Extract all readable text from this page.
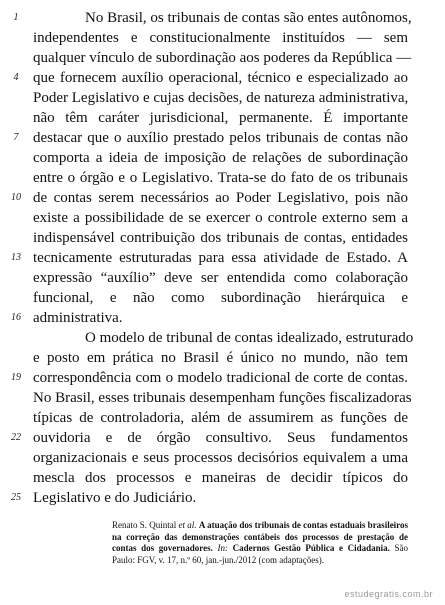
No Brasil, os tribunais de contas são entes autônomos,
independentes e constitucionalmente instituídos — sem
qualquer vínculo de subordinação aos poderes da República —
que fornecem auxílio operacional, técnico e especializado ao
Poder Legislativo e cujas decisões, de natureza administrativa,
não têm caráter jurisdicional, permanente. É importante
destacar que o auxílio prestado pelos tribunais de contas não
comporta a ideia de imposição de relações de subordinação
entre o órgão e o Legislativo. Trata-se do fato de os tribunais
de contas serem necessários ao Poder Legislativo, pois não
existe a possibilidade de se exercer o controle externo sem a
indispensável contribuição dos tribunais de contas, entidades
tecnicamente estruturadas para essa atividade de Estado. A
expressão “auxílio” deve ser entendida como colaboração
funcional, e não como subordinação hierárquica e
administrativa.
O modelo de tribunal de contas idealizado, estruturado
e posto em prática no Brasil é único no mundo, não tem
correspondência com o modelo tradicional de corte de contas.
No Brasil, esses tribunais desempenham funções fiscalizadoras
típicas de controladoria, além de assumirem as funções de
ouvidoria e de órgão consultivo. Seus fundamentos
organizacionais e seus processos decisórios equivalem a uma
mescla dos processos e maneiras de decidir típicos do
Legislativo e do Judiciário.
1
4
7
10
13
16
19
22
25
Renato S. Quintal et al. A atuação dos tribunais de contas estaduais brasileiros na correção das demonstrações contábeis dos processos de prestação de contas dos governadores. In: Cadernos Gestão Pública e Cidadania. São Paulo: FGV, v. 17, n.º 60, jan.-jun./2012 (com adaptações).
estudegratis.com.br
